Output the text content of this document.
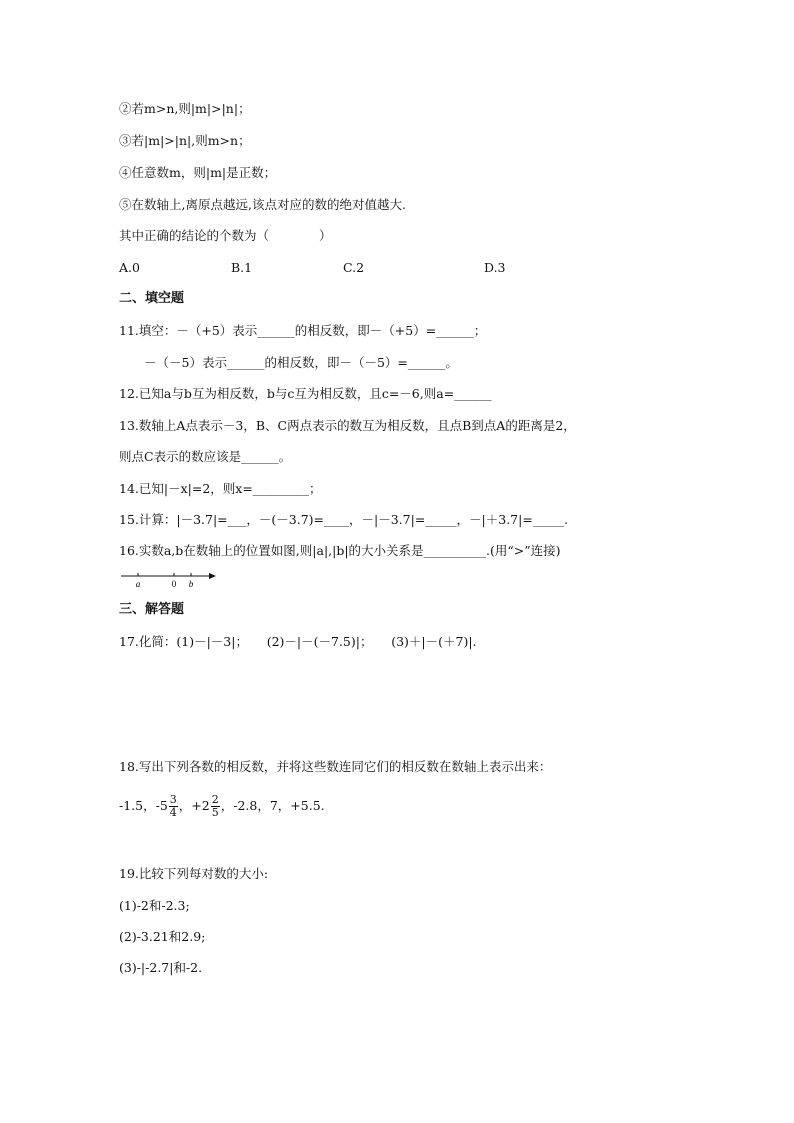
②若m>n,则|m|>|n|；
③若|m|>|n|,则m>n；
④任意数m，则|m|是正数；
⑤在数轴上,离原点越远,该点对应的数的绝对值越大.
其中正确的结论的个数为（　　　　）
A.0	B.1	C.2	D.3
二、填空题
11.填空：－（+5）表示______的相反数，即－（+5）=______；
－（－5）表示______的相反数，即－（－5）=______。
12.已知a与b互为相反数，b与c互为相反数，且c=－6,则a=______
13.数轴上A点表示－3，B、C两点表示的数互为相反数，且点B到点A的距离是2，
则点C表示的数应该是______。
14.已知|－x|=2，则x=_________；
15.计算：|－3.7|=___，－(－3.7)=____，－|－3.7|=_____，－|＋3.7|=_____.
16.实数a,b在数轴上的位置如图,则|a|,|b|的大小关系是__________.(用“>”连接)
a	0 b
三、解答题
17.化简：(1)－|－3|；　　(2)－|－(－7.5)|；　　(3)＋|－(＋7)|.
18.写出下列各数的相反数，并将这些数连同它们的相反数在数轴上表示出来：
-1.5，$-5 \frac{3}{4}$ ，$+2 \frac{2}{5}$ ，-2.8，7，+5.5.
19.比较下列每对数的大小:
(1)-2和-2.3;
(2)-3.21和2.9;
(3)-|-2.7|和-2.
